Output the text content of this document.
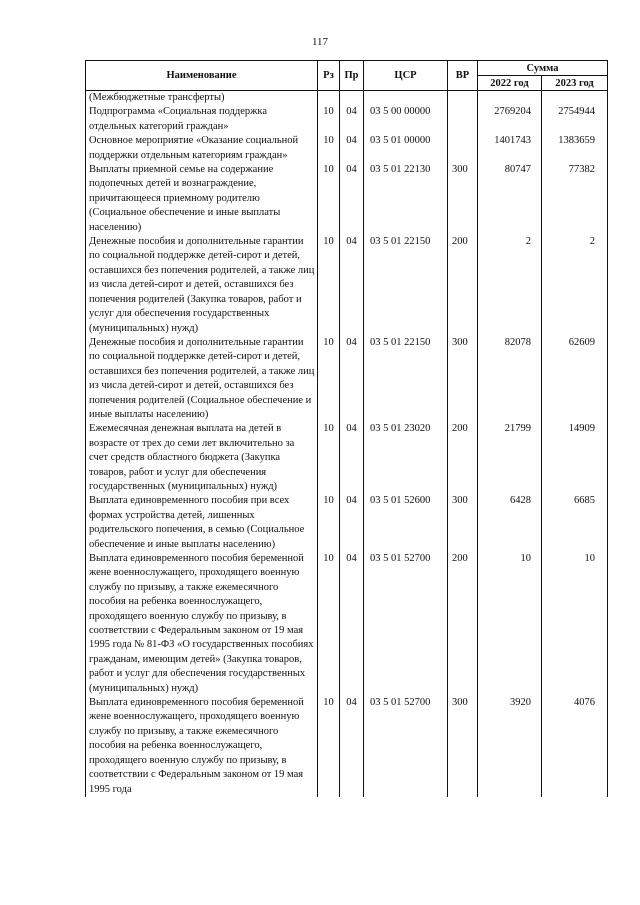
117
Наименование	Рз	Пр	ЦСР	ВР	Сумма	
					2022 год	2023 год
(Межбюджетные трансферты)						
Подпрограмма «Социальная поддержка отдельных категорий граждан»	10	04	03 5 00 00000		2769204	2754944
Основное мероприятие «Оказание социальной поддержки отдельным категориям граждан»	10	04	03 5 01 00000		1401743	1383659
Выплаты приемной семье на содержание подопечных детей и вознаграждение, причитающееся приемному родителю (Социальное обеспечение и иные выплаты населению)	10	04	03 5 01 22130	300	80747	77382
Денежные пособия и дополнительные гарантии по социальной поддержке детей-сирот и детей, оставшихся без попечения родителей, а также лиц из числа детей-сирот и детей, оставшихся без попечения родителей (Закупка товаров, работ и услуг для обеспечения государственных (муниципальных) нужд)	10	04	03 5 01 22150	200	2	2
Денежные пособия и дополнительные гарантии по социальной поддержке детей-сирот и детей, оставшихся без попечения родителей, а также лиц из числа детей-сирот и детей, оставшихся без попечения родителей (Социальное обеспечение и иные выплаты населению)	10	04	03 5 01 22150	300	82078	62609
Ежемесячная денежная выплата на детей в возрасте от трех до семи лет включительно за счет средств областного бюджета (Закупка товаров, работ и услуг для обеспечения государственных (муниципальных) нужд)	10	04	03 5 01 23020	200	21799	14909
Выплата единовременного пособия при всех формах устройства детей, лишенных родительского попечения, в семью (Социальное обеспечение и иные выплаты населению)	10	04	03 5 01 52600	300	6428	6685
Выплата единовременного пособия беременной жене военнослужащего, проходящего военную службу по призыву, а также ежемесячного пособия на ребенка военнослужащего, проходящего военную службу по призыву, в соответствии с Федеральным законом от 19 мая 1995 года № 81-ФЗ «О государственных пособиях гражданам, имеющим детей» (Закупка товаров, работ и услуг для обеспечения государственных (муниципальных) нужд)	10	04	03 5 01 52700	200	10	10
Выплата единовременного пособия беременной жене военнослужащего, проходящего военную службу по призыву, а также ежемесячного пособия на ребенка военнослужащего, проходящего военную службу по призыву, в соответствии с Федеральным законом от 19 мая 1995 года	10	04	03 5 01 52700	300	3920	4076
